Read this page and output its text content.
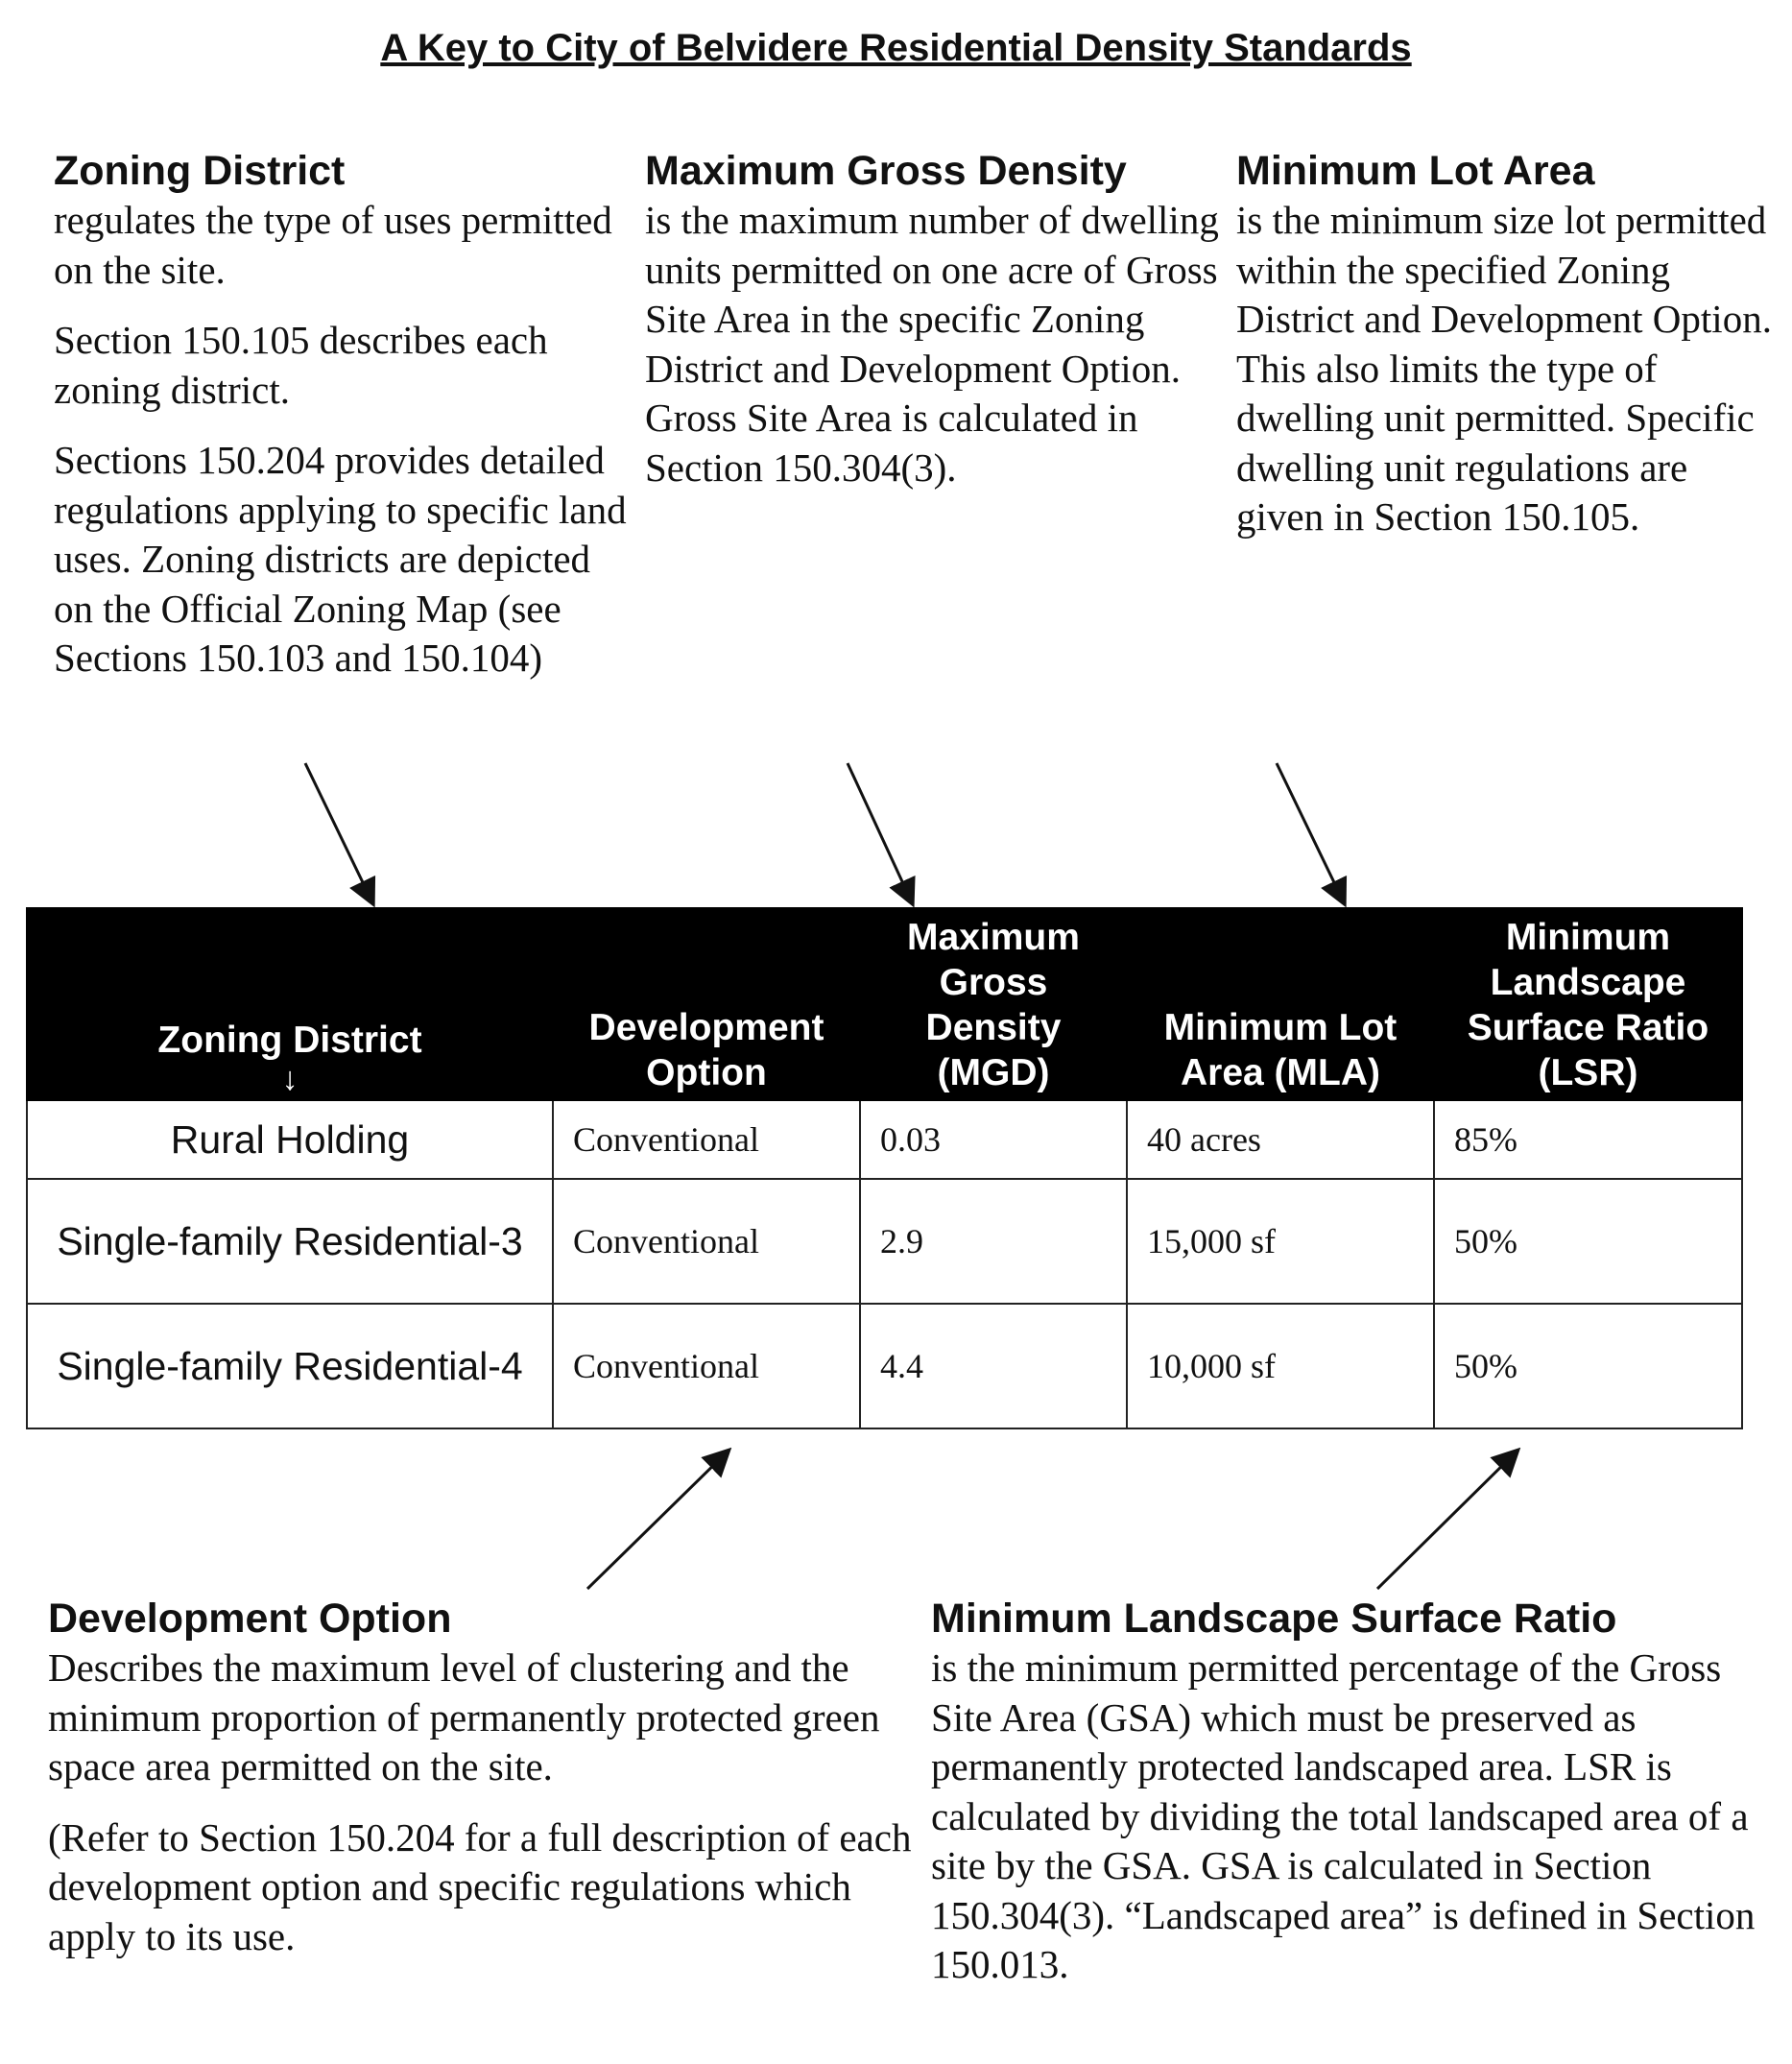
A Key to City of Belvidere Residential Density Standards
Zoning District

regulates the type of uses permitted on the site.

Section 150.105 describes each zoning district.

Sections 150.204 provides detailed regulations applying to specific land uses. Zoning districts are depicted on the Official Zoning Map (see Sections 150.103 and 150.104)

Maximum Gross Density

is the maximum number of dwelling units permitted on one acre of Gross Site Area in the specific Zoning District and Development Option. Gross Site Area is calculated in Section 150.304(3).

Minimum Lot Area

is the minimum size lot permitted within the specified Zoning District and Development Option. This also limits the type of dwelling unit permitted. Specific dwelling unit regulations are given in Section 150.105.

Zoning District
↓	Development Option	Maximum Gross Density (MGD)	Minimum Lot Area (MLA)	Minimum Landscape Surface Ratio (LSR)
Rural Holding	Conventional	0.03	40 acres	85%
Single-family Residential-3	Conventional	2.9	15,000 sf	50%
Single-family Residential-4	Conventional	4.4	10,000 sf	50%
Development Option

Describes the maximum level of clustering and the minimum proportion of permanently protected green space area permitted on the site.

(Refer to Section 150.204 for a full description of each development option and specific regulations which apply to its use.

Minimum Landscape Surface Ratio

is the minimum permitted percentage of the Gross Site Area (GSA) which must be preserved as permanently protected landscaped area. LSR is calculated by dividing the total landscaped area of a site by the GSA. GSA is calculated in Section 150.304(3). “Landscaped area” is defined in Section 150.013.
